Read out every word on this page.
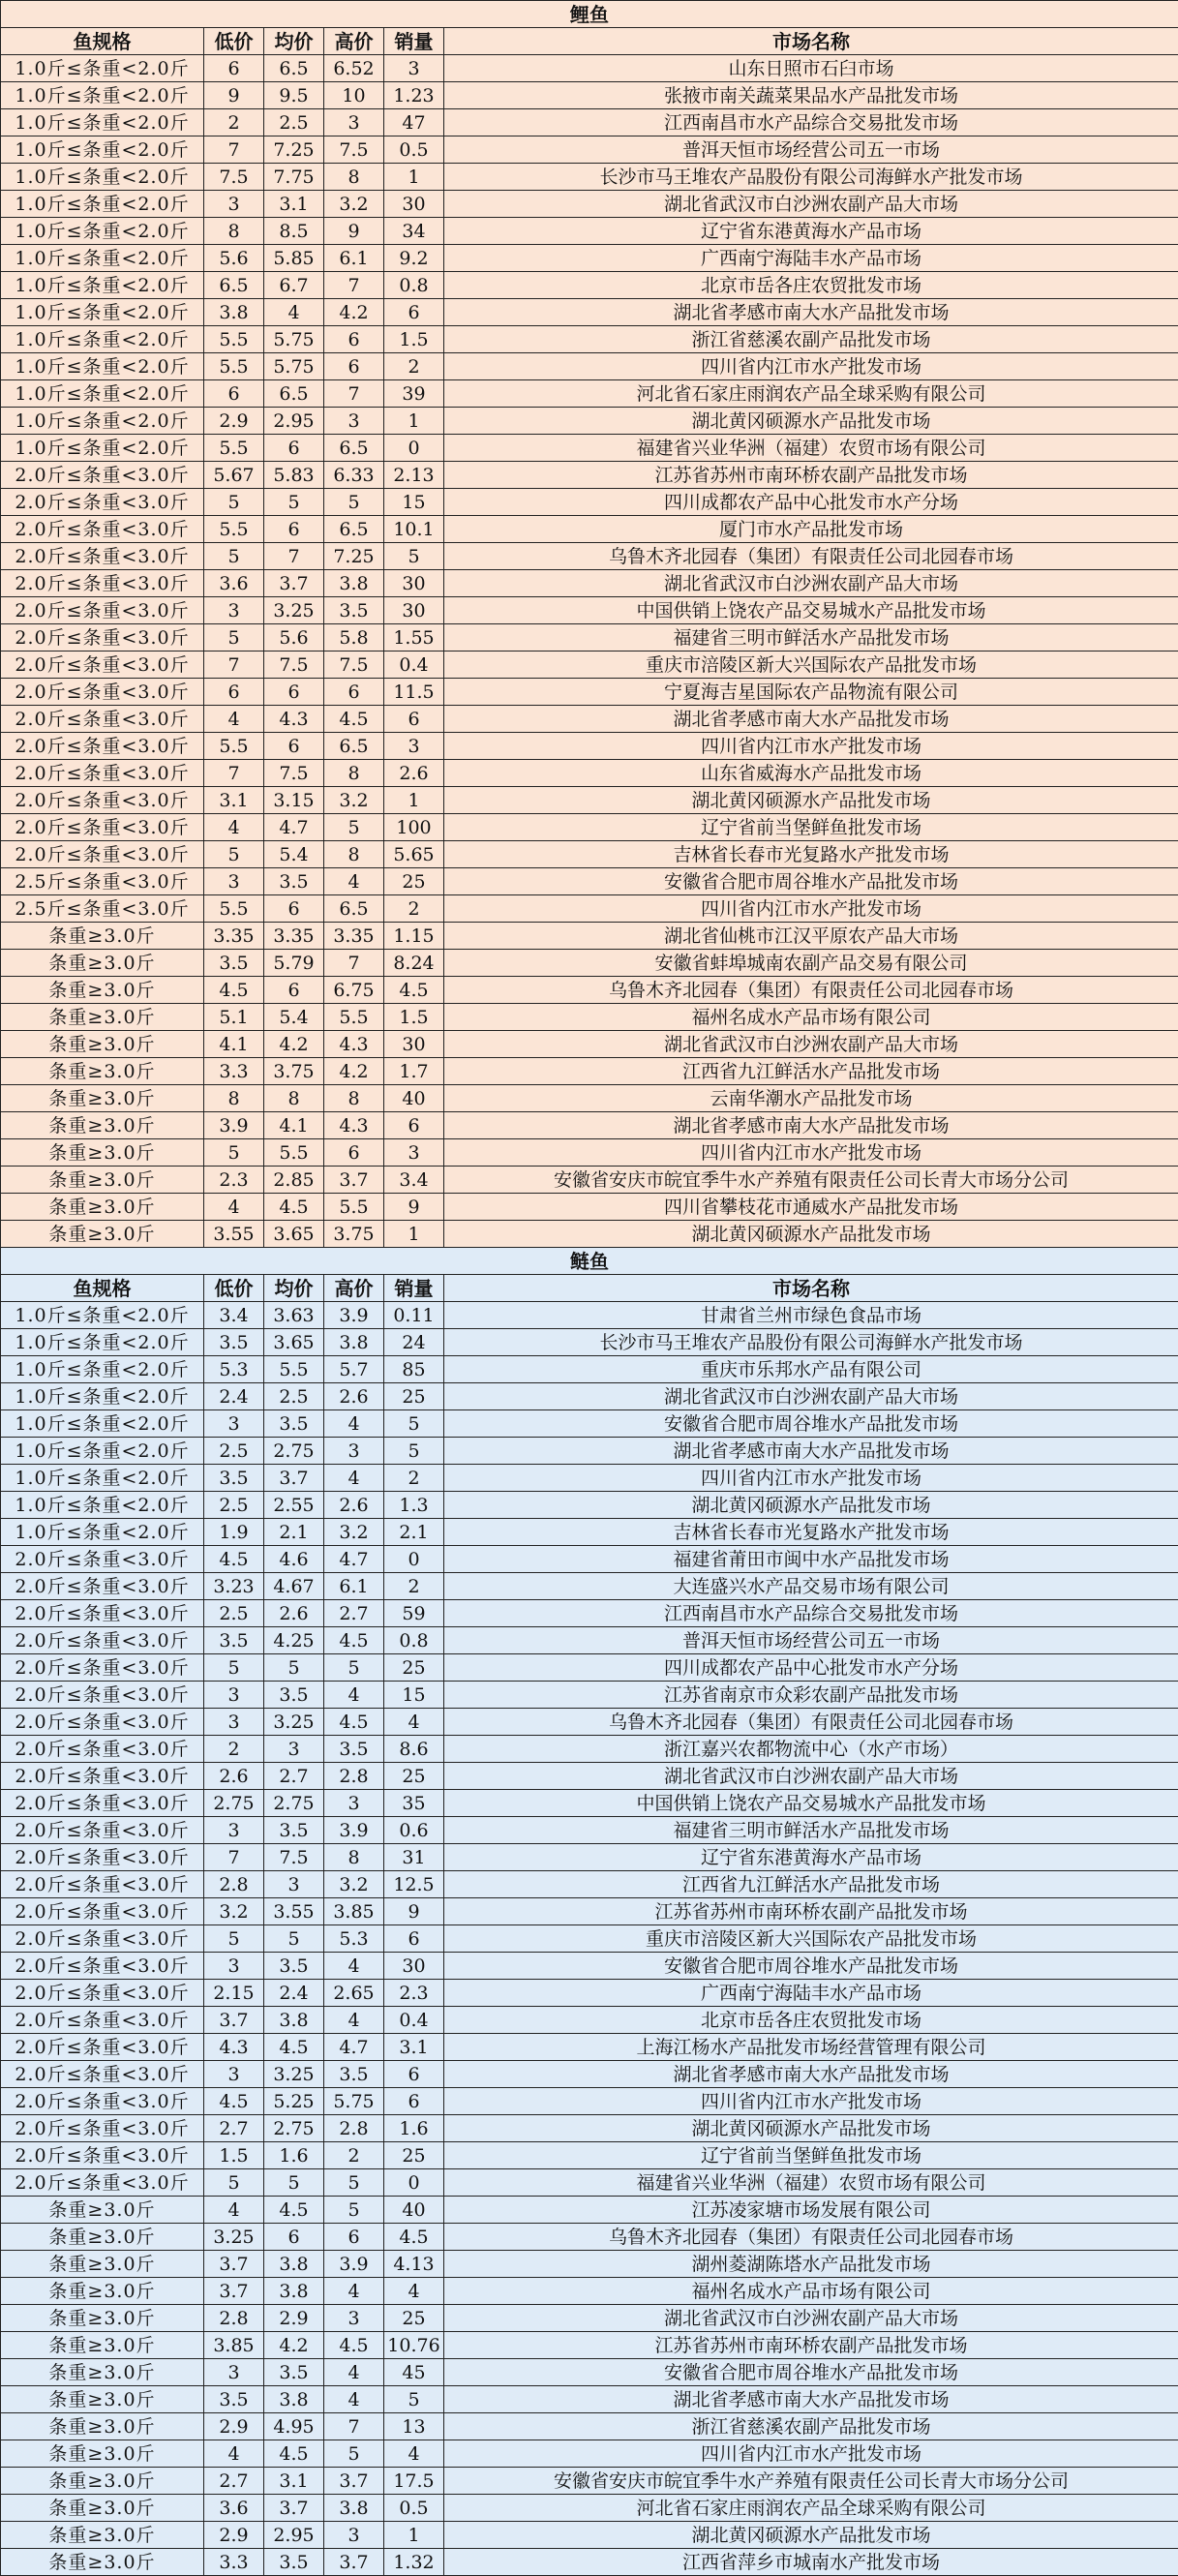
鲤鱼					
鱼规格	低价	均价	高价	销量	市场名称
1.0斤≤条重<2.0斤	6	6.5	6.52	3	山东日照市石臼市场
1.0斤≤条重<2.0斤	9	9.5	10	1.23	张掖市南关蔬菜果品水产品批发市场
1.0斤≤条重<2.0斤	2	2.5	3	47	江西南昌市水产品综合交易批发市场
1.0斤≤条重<2.0斤	7	7.25	7.5	0.5	普洱天恒市场经营公司五一市场
1.0斤≤条重<2.0斤	7.5	7.75	8	1	长沙市马王堆农产品股份有限公司海鲜水产批发市场
1.0斤≤条重<2.0斤	3	3.1	3.2	30	湖北省武汉市白沙洲农副产品大市场
1.0斤≤条重<2.0斤	8	8.5	9	34	辽宁省东港黄海水产品市场
1.0斤≤条重<2.0斤	5.6	5.85	6.1	9.2	广西南宁海陆丰水产品市场
1.0斤≤条重<2.0斤	6.5	6.7	7	0.8	北京市岳各庄农贸批发市场
1.0斤≤条重<2.0斤	3.8	4	4.2	6	湖北省孝感市南大水产品批发市场
1.0斤≤条重<2.0斤	5.5	5.75	6	1.5	浙江省慈溪农副产品批发市场
1.0斤≤条重<2.0斤	5.5	5.75	6	2	四川省内江市水产批发市场
1.0斤≤条重<2.0斤	6	6.5	7	39	河北省石家庄雨润农产品全球采购有限公司
1.0斤≤条重<2.0斤	2.9	2.95	3	1	湖北黄冈硕源水产品批发市场
1.0斤≤条重<2.0斤	5.5	6	6.5	0	福建省兴业华洲（福建）农贸市场有限公司
2.0斤≤条重<3.0斤	5.67	5.83	6.33	2.13	江苏省苏州市南环桥农副产品批发市场
2.0斤≤条重<3.0斤	5	5	5	15	四川成都农产品中心批发市水产分场
2.0斤≤条重<3.0斤	5.5	6	6.5	10.1	厦门市水产品批发市场
2.0斤≤条重<3.0斤	5	7	7.25	5	乌鲁木齐北园春（集团）有限责任公司北园春市场
2.0斤≤条重<3.0斤	3.6	3.7	3.8	30	湖北省武汉市白沙洲农副产品大市场
2.0斤≤条重<3.0斤	3	3.25	3.5	30	中国供销上饶农产品交易城水产品批发市场
2.0斤≤条重<3.0斤	5	5.6	5.8	1.55	福建省三明市鲜活水产品批发市场
2.0斤≤条重<3.0斤	7	7.5	7.5	0.4	重庆市涪陵区新大兴国际农产品批发市场
2.0斤≤条重<3.0斤	6	6	6	11.5	宁夏海吉星国际农产品物流有限公司
2.0斤≤条重<3.0斤	4	4.3	4.5	6	湖北省孝感市南大水产品批发市场
2.0斤≤条重<3.0斤	5.5	6	6.5	3	四川省内江市水产批发市场
2.0斤≤条重<3.0斤	7	7.5	8	2.6	山东省威海水产品批发市场
2.0斤≤条重<3.0斤	3.1	3.15	3.2	1	湖北黄冈硕源水产品批发市场
2.0斤≤条重<3.0斤	4	4.7	5	100	辽宁省前当堡鲜鱼批发市场
2.0斤≤条重<3.0斤	5	5.4	8	5.65	吉林省长春市光复路水产批发市场
2.5斤≤条重<3.0斤	3	3.5	4	25	安徽省合肥市周谷堆水产品批发市场
2.5斤≤条重<3.0斤	5.5	6	6.5	2	四川省内江市水产批发市场
条重≥3.0斤	3.35	3.35	3.35	1.15	湖北省仙桃市江汉平原农产品大市场
条重≥3.0斤	3.5	5.79	7	8.24	安徽省蚌埠城南农副产品交易有限公司
条重≥3.0斤	4.5	6	6.75	4.5	乌鲁木齐北园春（集团）有限责任公司北园春市场
条重≥3.0斤	5.1	5.4	5.5	1.5	福州名成水产品市场有限公司
条重≥3.0斤	4.1	4.2	4.3	30	湖北省武汉市白沙洲农副产品大市场
条重≥3.0斤	3.3	3.75	4.2	1.7	江西省九江鲜活水产品批发市场
条重≥3.0斤	8	8	8	40	云南华潮水产品批发市场
条重≥3.0斤	3.9	4.1	4.3	6	湖北省孝感市南大水产品批发市场
条重≥3.0斤	5	5.5	6	3	四川省内江市水产批发市场
条重≥3.0斤	2.3	2.85	3.7	3.4	安徽省安庆市皖宜季牛水产养殖有限责任公司长青大市场分公司
条重≥3.0斤	4	4.5	5.5	9	四川省攀枝花市通威水产品批发市场
条重≥3.0斤	3.55	3.65	3.75	1	湖北黄冈硕源水产品批发市场
鲢鱼					
鱼规格	低价	均价	高价	销量	市场名称
1.0斤≤条重<2.0斤	3.4	3.63	3.9	0.11	甘肃省兰州市绿色食品市场
1.0斤≤条重<2.0斤	3.5	3.65	3.8	24	长沙市马王堆农产品股份有限公司海鲜水产批发市场
1.0斤≤条重<2.0斤	5.3	5.5	5.7	85	重庆市乐邦水产品有限公司
1.0斤≤条重<2.0斤	2.4	2.5	2.6	25	湖北省武汉市白沙洲农副产品大市场
1.0斤≤条重<2.0斤	3	3.5	4	5	安徽省合肥市周谷堆水产品批发市场
1.0斤≤条重<2.0斤	2.5	2.75	3	5	湖北省孝感市南大水产品批发市场
1.0斤≤条重<2.0斤	3.5	3.7	4	2	四川省内江市水产批发市场
1.0斤≤条重<2.0斤	2.5	2.55	2.6	1.3	湖北黄冈硕源水产品批发市场
1.0斤≤条重<2.0斤	1.9	2.1	3.2	2.1	吉林省长春市光复路水产批发市场
2.0斤≤条重<3.0斤	4.5	4.6	4.7	0	福建省莆田市闽中水产品批发市场
2.0斤≤条重<3.0斤	3.23	4.67	6.1	2	大连盛兴水产品交易市场有限公司
2.0斤≤条重<3.0斤	2.5	2.6	2.7	59	江西南昌市水产品综合交易批发市场
2.0斤≤条重<3.0斤	3.5	4.25	4.5	0.8	普洱天恒市场经营公司五一市场
2.0斤≤条重<3.0斤	5	5	5	25	四川成都农产品中心批发市水产分场
2.0斤≤条重<3.0斤	3	3.5	4	15	江苏省南京市众彩农副产品批发市场
2.0斤≤条重<3.0斤	3	3.25	4.5	4	乌鲁木齐北园春（集团）有限责任公司北园春市场
2.0斤≤条重<3.0斤	2	3	3.5	8.6	浙江嘉兴农都物流中心（水产市场）
2.0斤≤条重<3.0斤	2.6	2.7	2.8	25	湖北省武汉市白沙洲农副产品大市场
2.0斤≤条重<3.0斤	2.75	2.75	3	35	中国供销上饶农产品交易城水产品批发市场
2.0斤≤条重<3.0斤	3	3.5	3.9	0.6	福建省三明市鲜活水产品批发市场
2.0斤≤条重<3.0斤	7	7.5	8	31	辽宁省东港黄海水产品市场
2.0斤≤条重<3.0斤	2.8	3	3.2	12.5	江西省九江鲜活水产品批发市场
2.0斤≤条重<3.0斤	3.2	3.55	3.85	9	江苏省苏州市南环桥农副产品批发市场
2.0斤≤条重<3.0斤	5	5	5.3	6	重庆市涪陵区新大兴国际农产品批发市场
2.0斤≤条重<3.0斤	3	3.5	4	30	安徽省合肥市周谷堆水产品批发市场
2.0斤≤条重<3.0斤	2.15	2.4	2.65	2.3	广西南宁海陆丰水产品市场
2.0斤≤条重<3.0斤	3.7	3.8	4	0.4	北京市岳各庄农贸批发市场
2.0斤≤条重<3.0斤	4.3	4.5	4.7	3.1	上海江杨水产品批发市场经营管理有限公司
2.0斤≤条重<3.0斤	3	3.25	3.5	6	湖北省孝感市南大水产品批发市场
2.0斤≤条重<3.0斤	4.5	5.25	5.75	6	四川省内江市水产批发市场
2.0斤≤条重<3.0斤	2.7	2.75	2.8	1.6	湖北黄冈硕源水产品批发市场
2.0斤≤条重<3.0斤	1.5	1.6	2	25	辽宁省前当堡鲜鱼批发市场
2.0斤≤条重<3.0斤	5	5	5	0	福建省兴业华洲（福建）农贸市场有限公司
条重≥3.0斤	4	4.5	5	40	江苏凌家塘市场发展有限公司
条重≥3.0斤	3.25	6	6	4.5	乌鲁木齐北园春（集团）有限责任公司北园春市场
条重≥3.0斤	3.7	3.8	3.9	4.13	湖州菱湖陈塔水产品批发市场
条重≥3.0斤	3.7	3.8	4	4	福州名成水产品市场有限公司
条重≥3.0斤	2.8	2.9	3	25	湖北省武汉市白沙洲农副产品大市场
条重≥3.0斤	3.85	4.2	4.5	10.76	江苏省苏州市南环桥农副产品批发市场
条重≥3.0斤	3	3.5	4	45	安徽省合肥市周谷堆水产品批发市场
条重≥3.0斤	3.5	3.8	4	5	湖北省孝感市南大水产品批发市场
条重≥3.0斤	2.9	4.95	7	13	浙江省慈溪农副产品批发市场
条重≥3.0斤	4	4.5	5	4	四川省内江市水产批发市场
条重≥3.0斤	2.7	3.1	3.7	17.5	安徽省安庆市皖宜季牛水产养殖有限责任公司长青大市场分公司
条重≥3.0斤	3.6	3.7	3.8	0.5	河北省石家庄雨润农产品全球采购有限公司
条重≥3.0斤	2.9	2.95	3	1	湖北黄冈硕源水产品批发市场
条重≥3.0斤	3.3	3.5	3.7	1.32	江西省萍乡市城南水产批发市场
